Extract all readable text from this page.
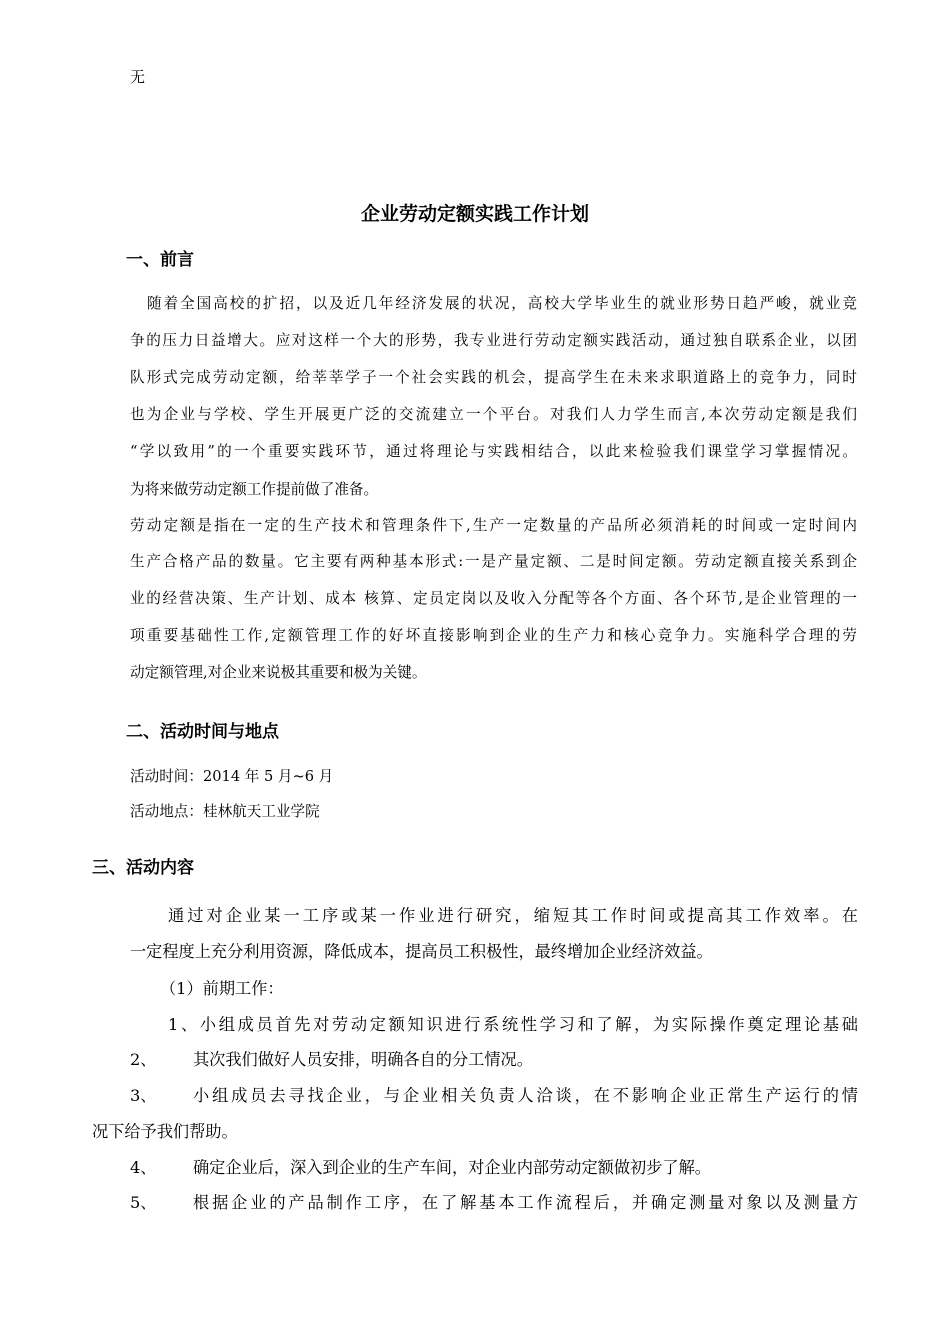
无
企业劳动定额实践工作计划
一、前言
随着全国高校的扩招，以及近几年经济发展的状况，高校大学毕业生的就业形势日趋严峻，就业竞
争的压力日益增大。应对这样一个大的形势，我专业进行劳动定额实践活动，通过独自联系企业，以团
队形式完成劳动定额，给莘莘学子一个社会实践的机会，提高学生在未来求职道路上的竞争力，同时
也为企业与学校、学生开展更广泛的交流建立一个平台。对我们人力学生而言,本次劳动定额是我们
“学以致用”的一个重要实践环节，通过将理论与实践相结合，以此来检验我们课堂学习掌握情况。
为将来做劳动定额工作提前做了准备。
劳动定额是指在一定的生产技术和管理条件下,生产一定数量的产品所必须消耗的时间或一定时间内
生产合格产品的数量。它主要有两种基本形式:一是产量定额、二是时间定额。劳动定额直接关系到企
业的经营决策、生产计划、成本 核算、定员定岗以及收入分配等各个方面、各个环节,是企业管理的一
项重要基础性工作,定额管理工作的好坏直接影响到企业的生产力和核心竞争力。实施科学合理的劳
动定额管理,对企业来说极其重要和极为关键。
二、活动时间与地点
活动时间：2014 年 5 月~6 月
活动地点：桂林航天工业学院
三、活动内容
通过对企业某一工序或某一作业进行研究，缩短其工作时间或提高其工作效率。在
一定程度上充分利用资源，降低成本，提高员工积极性，最终增加企业经济效益。
（1）前期工作：
1、小组成员首先对劳动定额知识进行系统性学习和了解，为实际操作奠定理论基础
2、 其次我们做好人员安排，明确各自的分工情况。
3、 小组成员去寻找企业，与企业相关负责人洽谈，在不影响企业正常生产运行的情
况下给予我们帮助。
4、 确定企业后，深入到企业的生产车间，对企业内部劳动定额做初步了解。
5、 根据企业的产品制作工序，在了解基本工作流程后，并确定测量对象以及测量方
